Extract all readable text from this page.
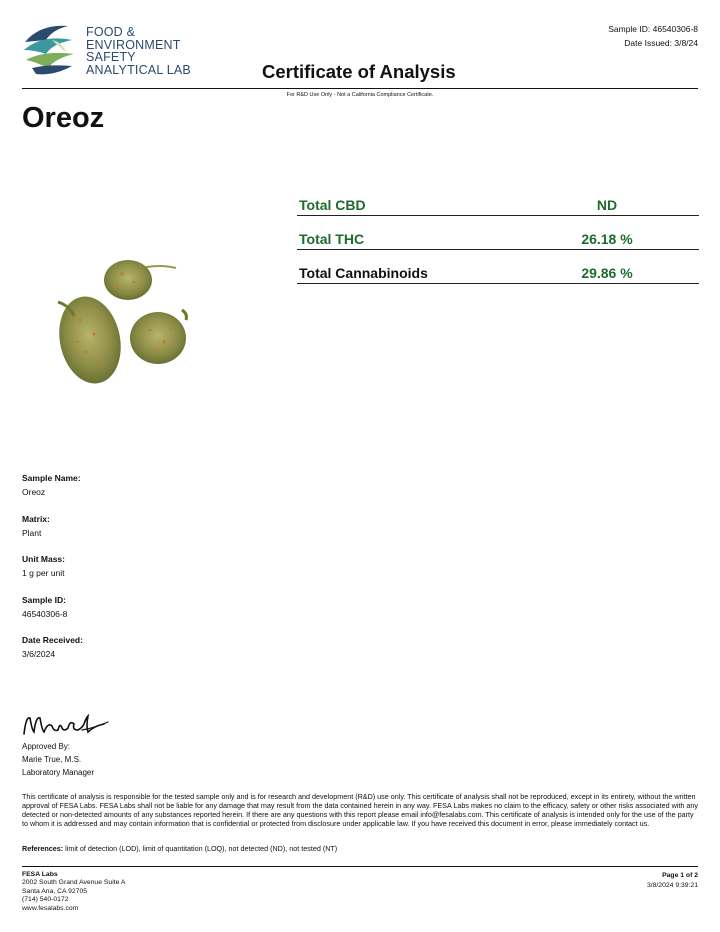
FOOD &
ENVIRONMENT
SAFETY
ANALYTICAL LAB
Sample ID: 46540306-8
Date Issued: 3/8/24
Certificate of Analysis
For R&D Use Only - Not a California Compliance Certificate.
Oreoz
Total CBD	ND
Total THC	26.18 %
Total Cannabinoids	29.86 %
Sample Name:
Oreoz
Matrix:
Plant
Unit Mass:
1 g per unit
Sample ID:
46540306-8
Date Received:
3/6/2024
Approved By:
Marie True, M.S.
Laboratory Manager
This certificate of analysis is responsible for the tested sample only and is for research and development (R&D) use only. This certificate of analysis shall not be reproduced, except in its entirety, without the written approval of FESA Labs. FESA Labs shall not be liable for any damage that may result from the data contained herein in any way. FESA Labs makes no claim to the efficacy, safety or other risks associated with any detected or non-detected amounts of any substances reported herein. If there are any questions with this report please email info@fesalabs.com. This certificate of analysis is intended only for the use of the party to whom it is addressed and may contain information that is confidential or protected from disclosure under applicable law. If you have received this document in error, please immediately contact us.
References: limit of detection (LOD), limit of quantitation (LOQ), not detected (ND), not tested (NT)
FESA Labs
2002 South Grand Avenue Suite A
Santa Ana, CA 92705
(714) 540-0172
www.fesalabs.com
Page 1 of 2
3/8/2024 9:39:21
